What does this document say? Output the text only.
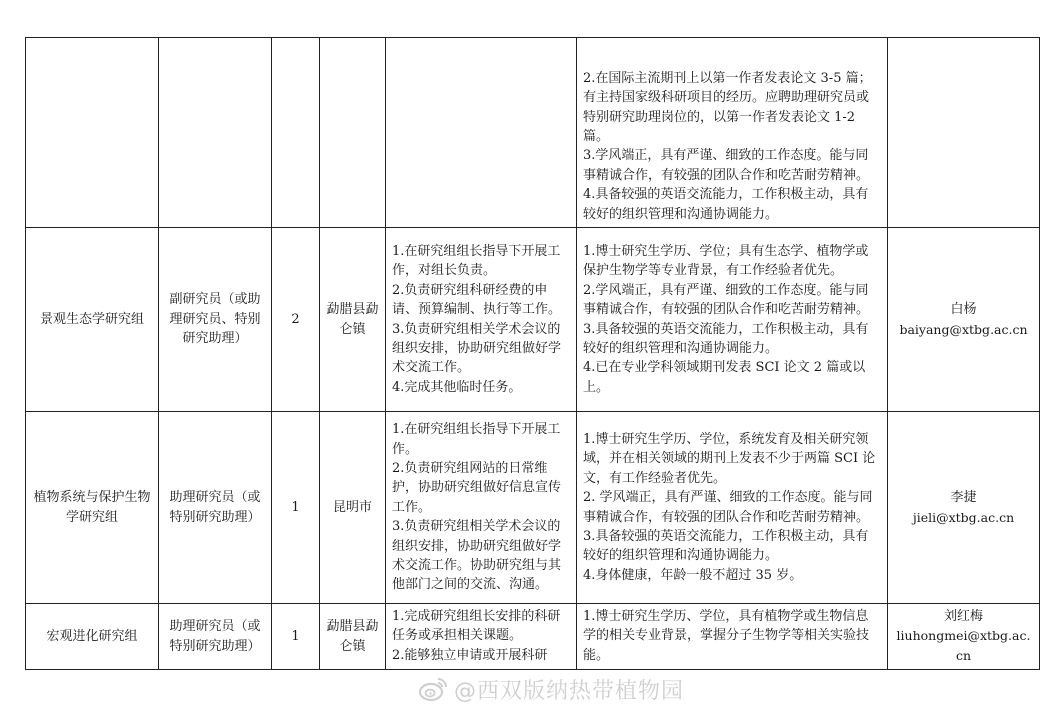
					2.在国际主流期刊上以第一作者发表论文 3-5 篇；有主持国家级科研项目的经历。应聘助理研究员或特别研究助理岗位的，以第一作者发表论文 1-2篇。
3.学风端正，具有严谨、细致的工作态度。能与同事精诚合作，有较强的团队合作和吃苦耐劳精神。
4.具备较强的英语交流能力，工作积极主动，具有较好的组织管理和沟通协调能力。	

景观生态学研究组	副研究员（或助理研究员、特别研究助理）	2	勐腊县勐仑镇	1.在研究组组长指导下开展工作，对组长负责。
2.负责研究组科研经费的申请、预算编制、执行等工作。
3.负责研究组相关学术会议的组织安排，协助研究组做好学术交流工作。
4.完成其他临时任务。	1.博士研究生学历、学位；具有生态学、植物学或保护生物学等专业背景，有工作经验者优先。
2.学风端正，具有严谨、细致的工作态度。能与同事精诚合作，有较强的团队合作和吃苦耐劳精神。
3.具备较强的英语交流能力，工作积极主动，具有较好的组织管理和沟通协调能力。
4.已在专业学科领域期刊发表 SCI 论文 2 篇或以上。	白杨
baiyang@xtbg.ac.cn

植物系统与保护生物学研究组	助理研究员（或特别研究助理）	1	昆明市	1.在研究组组长指导下开展工作。
2.负责研究组网站的日常维护，协助研究组做好信息宣传工作。
3.负责研究组相关学术会议的组织安排，协助研究组做好学术交流工作。协助研究组与其他部门之间的交流、沟通。	1.博士研究生学历、学位，系统发育及相关研究领域，并在相关领域的期刊上发表不少于两篇 SCI 论文，有工作经验者优先。
2. 学风端正，具有严谨、细致的工作态度。能与同事精诚合作，有较强的团队合作和吃苦耐劳精神。
3.具备较强的英语交流能力，工作积极主动，具有较好的组织管理和沟通协调能力。
4.身体健康，年龄一般不超过 35 岁。	李捷
jieli@xtbg.ac.cn

宏观进化研究组	助理研究员（或特别研究助理）	1	勐腊县勐仑镇	1.完成研究组组长安排的科研任务或承担相关课题。
2.能够独立申请或开展科研	1.博士研究生学历、学位，具有植物学或生物信息学的相关专业背景，掌握分子生物学等相关实验技能。	刘红梅
liuhongmei@xtbg.ac.cn
@西双版纳热带植物园
